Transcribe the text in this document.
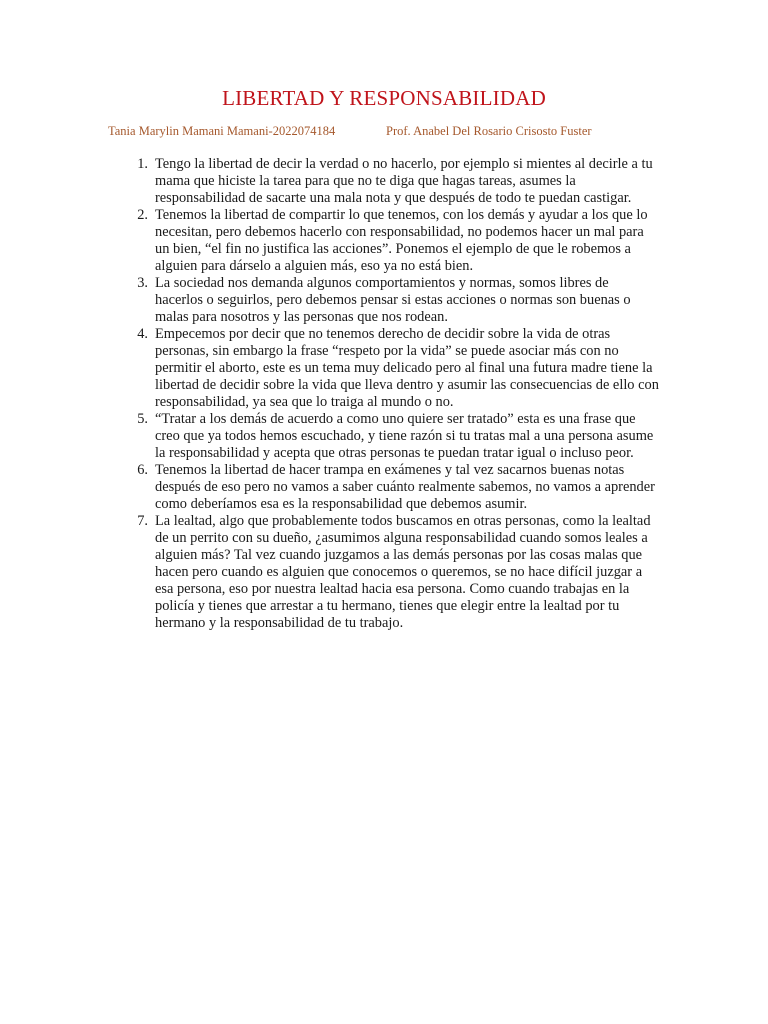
LIBERTAD Y RESPONSABILIDAD
Tania Marylin Mamani Mamani-2022074184	Prof. Anabel Del Rosario Crisosto Fuster
1. Tengo la libertad de decir la verdad o no hacerlo, por ejemplo si mientes al decirle a tu mama que hiciste la tarea para que no te diga que hagas tareas, asumes la responsabilidad de sacarte una mala nota y que después de todo te puedan castigar.
2. Tenemos la libertad de compartir lo que tenemos, con los demás y ayudar a los que lo necesitan, pero debemos hacerlo con responsabilidad, no podemos hacer un mal para un bien, “el fin no justifica las acciones”. Ponemos el ejemplo de que le robemos a alguien para dárselo a alguien más, eso ya no está bien.
3. La sociedad nos demanda algunos comportamientos y normas, somos libres de hacerlos o seguirlos, pero debemos pensar si estas acciones o normas son buenas o malas para nosotros y las personas que nos rodean.
4. Empecemos por decir que no tenemos derecho de decidir sobre la vida de otras personas, sin embargo la frase “respeto por la vida” se puede asociar más con no permitir el aborto, este es un tema muy delicado pero al final una futura madre tiene la libertad de decidir sobre la vida que lleva dentro y asumir las consecuencias de ello con responsabilidad, ya sea que lo traiga al mundo o no.
5. “Tratar a los demás de acuerdo a como uno quiere ser tratado” esta es una frase que creo que ya todos hemos escuchado, y tiene razón si tu tratas mal a una persona asume la responsabilidad y acepta que otras personas te puedan tratar igual o incluso peor.
6. Tenemos la libertad de hacer trampa en exámenes y tal vez sacarnos buenas notas después de eso pero no vamos a saber cuánto realmente sabemos, no vamos a aprender como deberíamos esa es la responsabilidad que debemos asumir.
7. La lealtad, algo que probablemente todos buscamos en otras personas, como la lealtad de un perrito con su dueño, ¿asumimos alguna responsabilidad cuando somos leales a alguien más? Tal vez cuando juzgamos a las demás personas por las cosas malas que hacen pero cuando es alguien que conocemos o queremos, se no hace difícil juzgar a esa persona, eso por nuestra lealtad hacia esa persona. Como cuando trabajas en la policía y tienes que arrestar a tu hermano, tienes que elegir entre la lealtad por tu hermano y la responsabilidad de tu trabajo.
